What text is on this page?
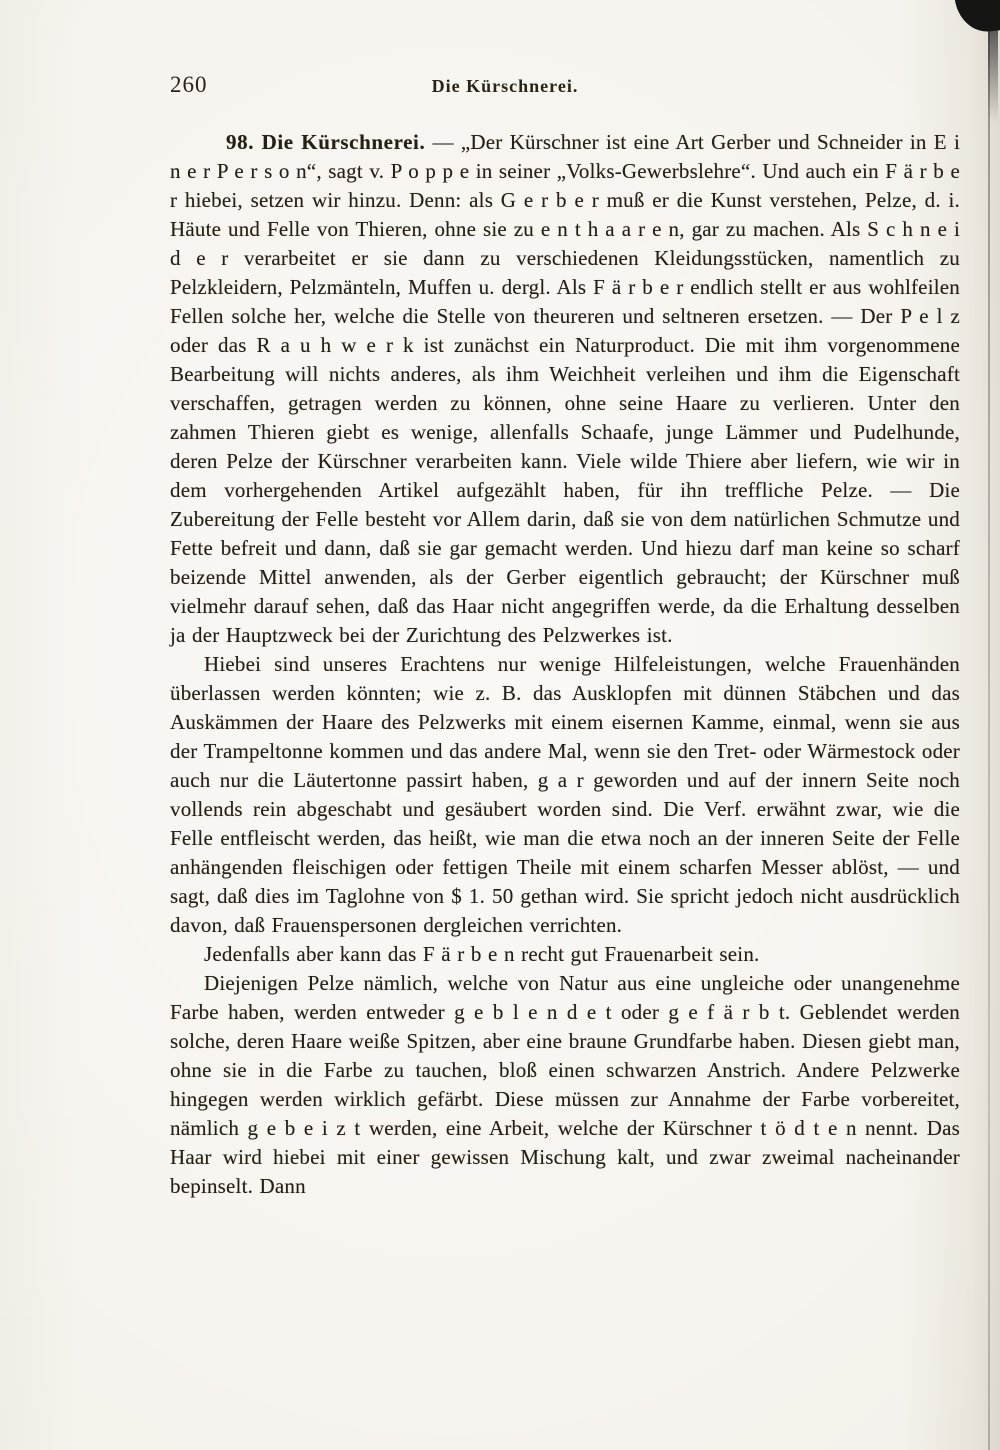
260	Die Kürschnerei.

98. Die Kürschnerei. — „Der Kürschner ist eine Art Gerber und Schneider in E i n e r P e r s o n“, sagt v. P o p p e in seiner „Volks-Gewerbslehre“. Und auch ein F ä r b e r hiebei, setzen wir hinzu. Denn: als G e r b e r muß er die Kunst verstehen, Pelze, d. i. Häute und Felle von Thieren, ohne sie zu e n t h a a r e n, gar zu machen. Als S c h n e i d e r verarbeitet er sie dann zu verschiedenen Kleidungsstücken, namentlich zu Pelzkleidern, Pelzmänteln, Muffen u. dergl. Als F ä r b e r endlich stellt er aus wohlfeilen Fellen solche her, welche die Stelle von theureren und seltneren ersetzen. — Der P e l z oder das R a u h w e r k ist zunächst ein Naturproduct. Die mit ihm vorgenommene Bearbeitung will nichts anderes, als ihm Weichheit verleihen und ihm die Eigenschaft verschaffen, getragen werden zu können, ohne seine Haare zu verlieren. Unter den zahmen Thieren giebt es wenige, allenfalls Schaafe, junge Lämmer und Pudelhunde, deren Pelze der Kürschner verarbeiten kann. Viele wilde Thiere aber liefern, wie wir in dem vorhergehenden Artikel aufgezählt haben, für ihn treffliche Pelze. — Die Zubereitung der Felle besteht vor Allem darin, daß sie von dem natürlichen Schmutze und Fette befreit und dann, daß sie gar gemacht werden. Und hiezu darf man keine so scharf beizende Mittel anwenden, als der Gerber eigentlich gebraucht; der Kürschner muß vielmehr darauf sehen, daß das Haar nicht angegriffen werde, da die Erhaltung desselben ja der Hauptzweck bei der Zurichtung des Pelzwerkes ist.

Hiebei sind unseres Erachtens nur wenige Hilfeleistungen, welche Frauenhänden überlassen werden könnten; wie z. B. das Ausklopfen mit dünnen Stäbchen und das Auskämmen der Haare des Pelzwerks mit einem eisernen Kamme, einmal, wenn sie aus der Trampeltonne kommen und das andere Mal, wenn sie den Tret- oder Wärmestock oder auch nur die Läutertonne passirt haben, g a r geworden und auf der innern Seite noch vollends rein abgeschabt und gesäubert worden sind. Die Verf. erwähnt zwar, wie die Felle entfleischt werden, das heißt, wie man die etwa noch an der inneren Seite der Felle anhängenden fleischigen oder fettigen Theile mit einem scharfen Messer ablöst, — und sagt, daß dies im Taglohne von $ 1. 50 gethan wird. Sie spricht jedoch nicht ausdrücklich davon, daß Frauenspersonen dergleichen verrichten.

Jedenfalls aber kann das F ä r b e n recht gut Frauenarbeit sein.

Diejenigen Pelze nämlich, welche von Natur aus eine ungleiche oder unangenehme Farbe haben, werden entweder g e b l e n d e t oder g e f ä r b t. Geblendet werden solche, deren Haare weiße Spitzen, aber eine braune Grundfarbe haben. Diesen giebt man, ohne sie in die Farbe zu tauchen, bloß einen schwarzen Anstrich. Andere Pelzwerke hingegen werden wirklich gefärbt. Diese müssen zur Annahme der Farbe vorbereitet, nämlich g e b e i z t werden, eine Arbeit, welche der Kürschner t ö d t e n nennt. Das Haar wird hiebei mit einer gewissen Mischung kalt, und zwar zweimal nacheinander bepinselt. Dann
